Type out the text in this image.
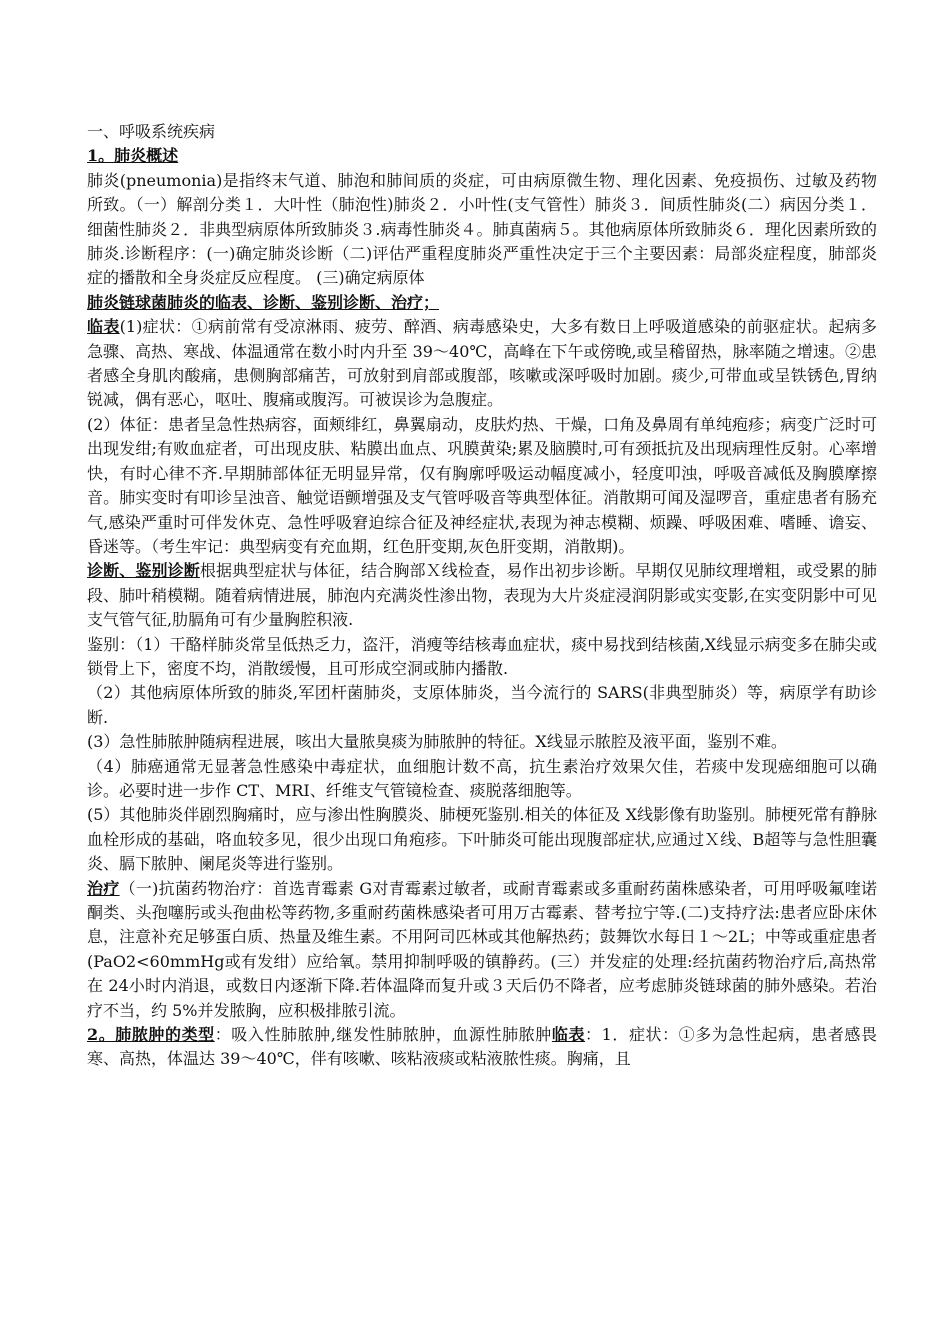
一、呼吸系统疾病

1。肺炎概述

肺炎(pneumonia)是指终末气道、肺泡和肺间质的炎症，可由病原微生物、理化因素、免疫损伤、过敏及药物所致。（一）解剖分类１．大叶性（肺泡性)肺炎２．小叶性(支气管性）肺炎３．间质性肺炎(二）病因分类１．细菌性肺炎２．非典型病原体所致肺炎３.病毒性肺炎４。肺真菌病５。其他病原体所致肺炎６．理化因素所致的肺炎.诊断程序：(一)确定肺炎诊断（二)评估严重程度肺炎严重性决定于三个主要因素：局部炎症程度，肺部炎症的播散和全身炎症反应程度。 (三)确定病原体

肺炎链球菌肺炎的临表、诊断、鉴别诊断、治疗；

临表(1)症状：①病前常有受凉淋雨、疲劳、醉酒、病毒感染史，大多有数日上呼吸道感染的前驱症状。起病多急骤、高热、寒战、体温通常在数小时内升至 39～40℃，高峰在下午或傍晚,或呈稽留热，脉率随之增速。②患者感全身肌肉酸痛，患侧胸部痛苦，可放射到肩部或腹部，咳嗽或深呼吸时加剧。痰少,可带血或呈铁锈色,胃纳锐减，偶有恶心，呕吐、腹痛或腹泻。可被误诊为急腹症。

(2）体征：患者呈急性热病容，面颊绯红，鼻翼扇动，皮肤灼热、干燥，口角及鼻周有单纯疱疹；病变广泛时可出现发绀;有败血症者，可出现皮肤、粘膜出血点、巩膜黄染;累及脑膜时,可有颈抵抗及出现病理性反射。心率增快，有时心律不齐.早期肺部体征无明显异常，仅有胸廓呼吸运动幅度减小，轻度叩浊，呼吸音减低及胸膜摩擦音。肺实变时有叩诊呈浊音、触觉语颤增强及支气管呼吸音等典型体征。消散期可闻及湿啰音，重症患者有肠充气,感染严重时可伴发休克、急性呼吸窘迫综合征及神经症状,表现为神志模糊、烦躁、呼吸困难、嗜睡、谵妄、昏迷等。（考生牢记：典型病变有充血期，红色肝变期,灰色肝变期，消散期)。

诊断、鉴别诊断根据典型症状与体征，结合胸部Ｘ线检查，易作出初步诊断。早期仅见肺纹理增粗，或受累的肺段、肺叶稍模糊。随着病情进展，肺泡内充满炎性渗出物，表现为大片炎症浸润阴影或实变影,在实变阴影中可见支气管气征,肋膈角可有少量胸腔积液.

鉴别：（1）干酪样肺炎常呈低热乏力，盗汗，消瘦等结核毒血症状，痰中易找到结核菌,X线显示病变多在肺尖或锁骨上下，密度不均，消散缓慢，且可形成空洞或肺内播散.

（2）其他病原体所致的肺炎,军团杆菌肺炎，支原体肺炎，当今流行的 SARS(非典型肺炎）等，病原学有助诊断.

(3）急性肺脓肿随病程进展，咳出大量脓臭痰为肺脓肿的特征。X线显示脓腔及液平面，鉴别不难。

（4）肺癌通常无显著急性感染中毒症状，血细胞计数不高，抗生素治疗效果欠佳，若痰中发现癌细胞可以确诊。必要时进一步作 CT、MRI、纤维支气管镜检查、痰脱落细胞等。

(5）其他肺炎伴剧烈胸痛时，应与渗出性胸膜炎、肺梗死鉴别.相关的体征及 X线影像有助鉴别。肺梗死常有静脉血栓形成的基础，咯血较多见，很少出现口角疱疹。下叶肺炎可能出现腹部症状,应通过Ｘ线、B超等与急性胆囊炎、膈下脓肿、阑尾炎等进行鉴别。

治疗（一)抗菌药物治疗：首选青霉素 G对青霉素过敏者，或耐青霉素或多重耐药菌株感染者，可用呼吸氟喹诺酮类、头孢噻肟或头孢曲松等药物,多重耐药菌株感染者可用万古霉素、替考拉宁等.(二)支持疗法:患者应卧床休息，注意补充足够蛋白质、热量及维生素。不用阿司匹林或其他解热药；鼓舞饮水每日１～2L；中等或重症患者(PaO2<60mmHg或有发绀）应给氧。禁用抑制呼吸的镇静药。(三）并发症的处理:经抗菌药物治疗后,高热常在 24小时内消退，或数日内逐渐下降.若体温降而复升或３天后仍不降者，应考虑肺炎链球菌的肺外感染。若治疗不当，约 5%并发脓胸，应积极排脓引流。

2。肺脓肿的类型：吸入性肺脓肿,继发性肺脓肿，血源性肺脓肿临表：1．症状：①多为急性起病，患者感畏寒、高热，体温达 39～40℃，伴有咳嗽、咳粘液痰或粘液脓性痰。胸痛，且
